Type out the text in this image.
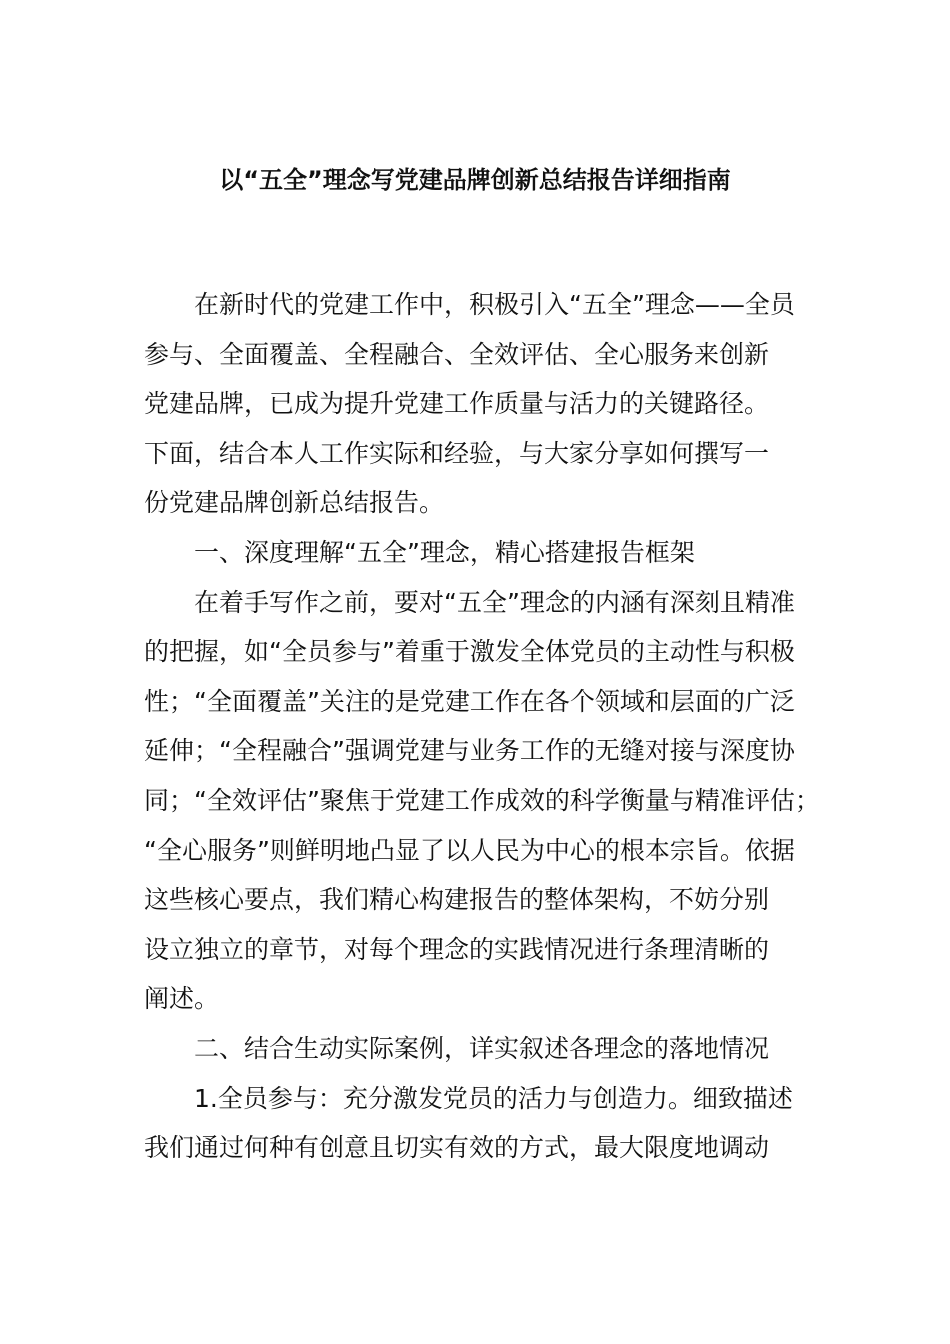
以“五全”理念写党建品牌创新总结报告详细指南
在新时代的党建工作中，积极引入“五全”理念——全员
参与、全面覆盖、全程融合、全效评估、全心服务来创新
党建品牌，已成为提升党建工作质量与活力的关键路径。
下面，结合本人工作实际和经验，与大家分享如何撰写一
份党建品牌创新总结报告。
一、深度理解“五全”理念，精心搭建报告框架
在着手写作之前，要对“五全”理念的内涵有深刻且精准
的把握，如“全员参与”着重于激发全体党员的主动性与积极
性；“全面覆盖”关注的是党建工作在各个领域和层面的广泛
延伸；“全程融合”强调党建与业务工作的无缝对接与深度协
同；“全效评估”聚焦于党建工作成效的科学衡量与精准评估；
“全心服务”则鲜明地凸显了以人民为中心的根本宗旨。依据
这些核心要点，我们精心构建报告的整体架构，不妨分别
设立独立的章节，对每个理念的实践情况进行条理清晰的
阐述。
二、结合生动实际案例，详实叙述各理念的落地情况
1.全员参与：充分激发党员的活力与创造力。细致描述
我们通过何种有创意且切实有效的方式，最大限度地调动
